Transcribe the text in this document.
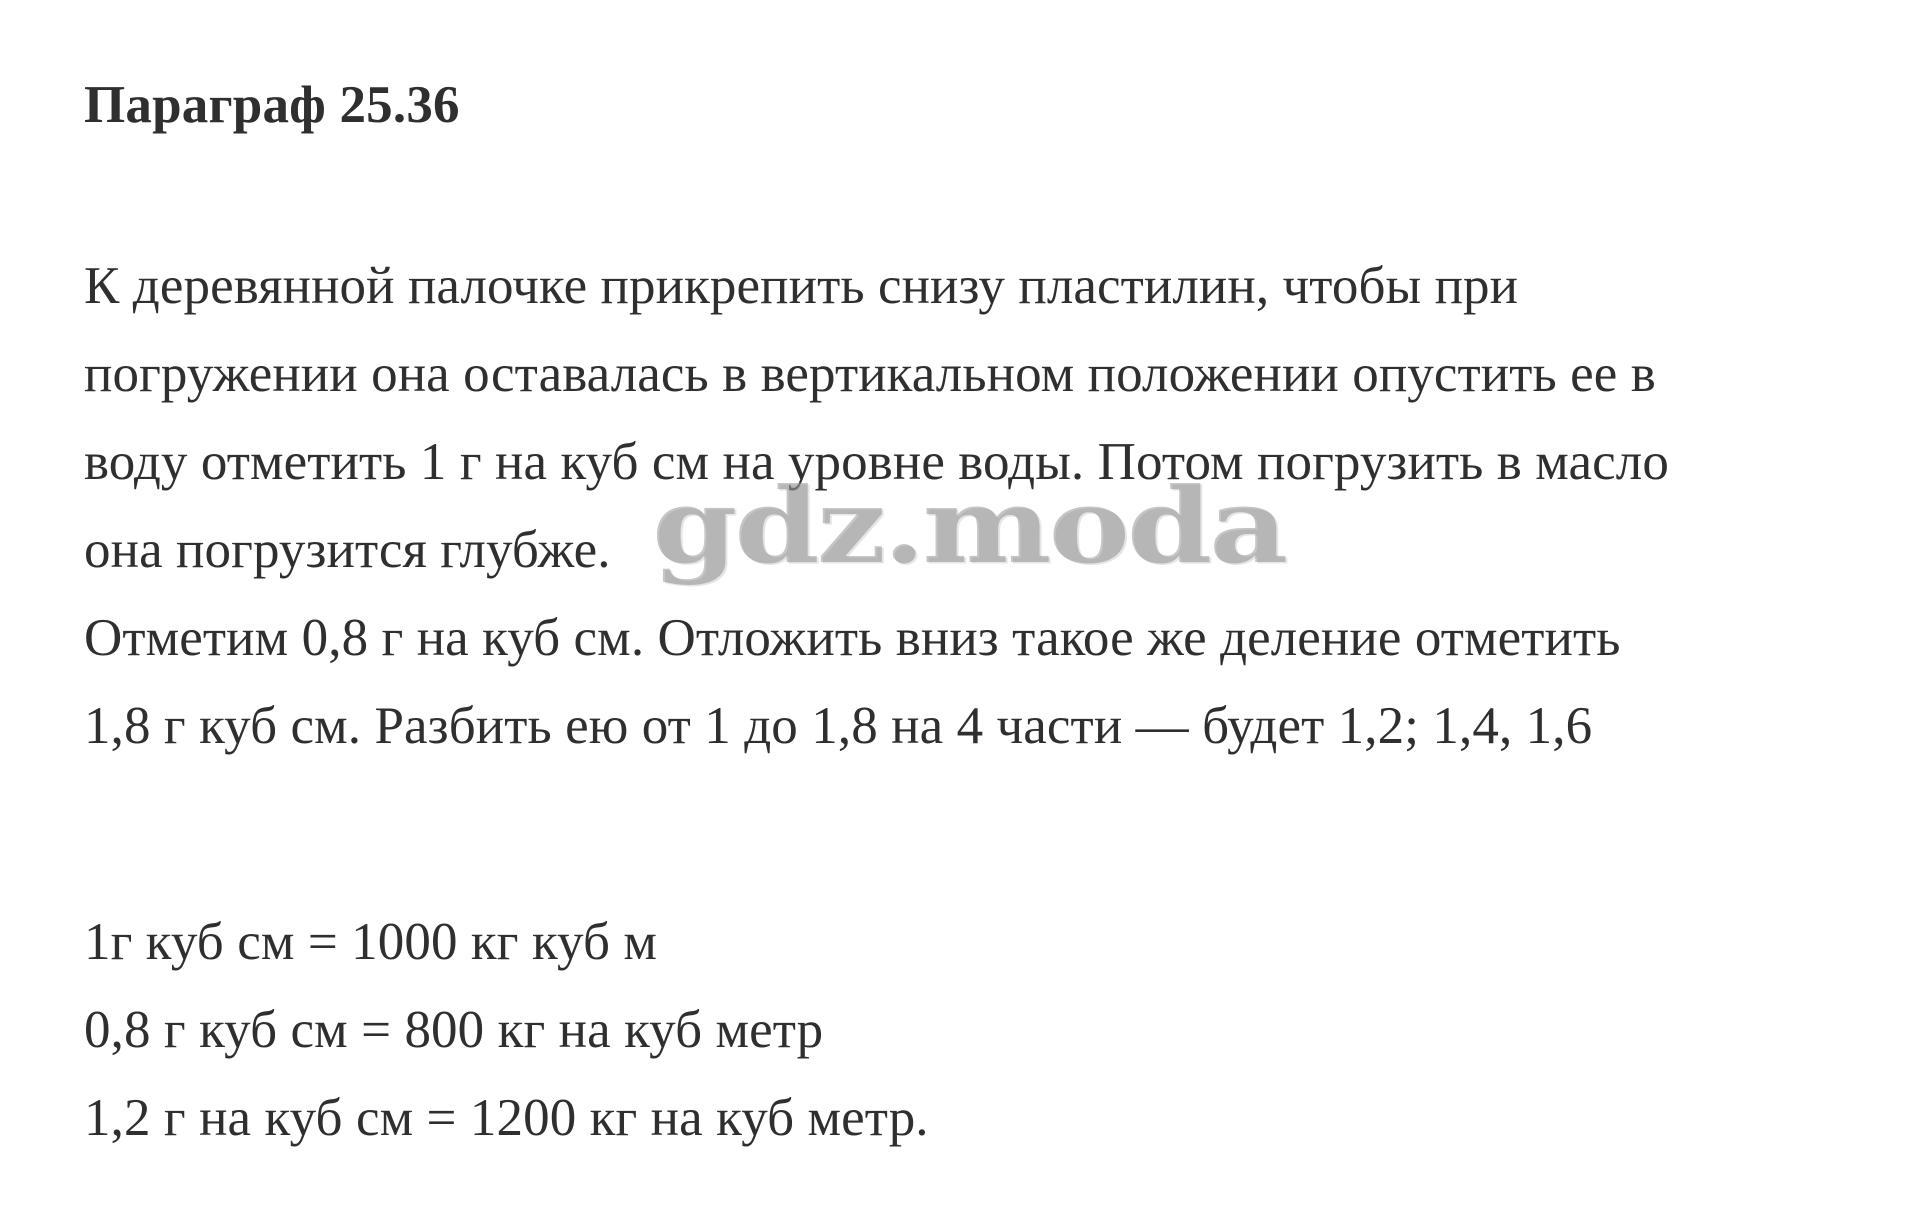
Параграф 25.36
К деревянной палочке прикрепить снизу пластилин, чтобы при
погружении она оставалась в вертикальном положении опустить ее в
воду отметить 1 г на куб см на уровне воды. Потом погрузить в масло
она погрузится глубже.
Отметим 0,8 г на куб см. Отложить вниз такое же деление отметить
1,8 г куб см. Разбить ею от 1 до 1,8 на 4 части — будет 1,2; 1,4, 1,6
1г куб см = 1000 кг куб м
0,8 г куб см = 800 кг на куб метр
1,2 г на куб см = 1200 кг на куб метр.
gdz.moda
